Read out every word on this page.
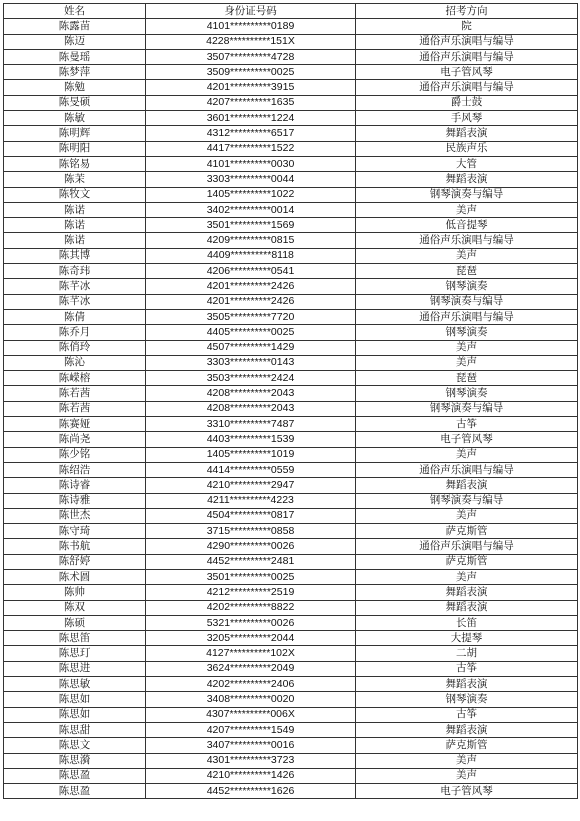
姓名	身份证号码	招考方向
陈露苗	4101**********0189	院
陈迈	4228**********151X	通俗声乐演唱与编导
陈曼瑶	3507**********4728	通俗声乐演唱与编导
陈梦萍	3509**********0025	电子管风琴
陈勉	4201**********3915	通俗声乐演唱与编导
陈旻硕	4207**********1635	爵士鼓
陈敏	3601**********1224	手风琴
陈明辉	4312**********6517	舞蹈表演
陈明阳	4417**********1522	民族声乐
陈铭易	4101**********0030	大管
陈茉	3303**********0044	舞蹈表演
陈牧文	1405**********1022	钢琴演奏与编导
陈诺	3402**********0014	美声
陈诺	3501**********1569	低音提琴
陈诺	4209**********0815	通俗声乐演唱与编导
陈其博	4409**********8118	美声
陈奇玮	4206**********0541	琵琶
陈芊冰	4201**********2426	钢琴演奏
陈芊冰	4201**********2426	钢琴演奏与编导
陈倩	3505**********7720	通俗声乐演唱与编导
陈乔月	4405**********0025	钢琴演奏
陈俏玲	4507**********1429	美声
陈沁	3303**********0143	美声
陈嵘榕	3503**********2424	琵琶
陈若茜	4208**********2043	钢琴演奏
陈若茜	4208**********2043	钢琴演奏与编导
陈赛娅	3310**********7487	古筝
陈尚尧	4403**********1539	电子管风琴
陈少铭	1405**********1019	美声
陈绍浩	4414**********0559	通俗声乐演唱与编导
陈诗睿	4210**********2947	舞蹈表演
陈诗雅	4211**********4223	钢琴演奏与编导
陈世杰	4504**********0817	美声
陈守琦	3715**********0858	萨克斯管
陈书航	4290**********0026	通俗声乐演唱与编导
陈舒婷	4452**********2481	萨克斯管
陈术圆	3501**********0025	美声
陈帅	4212**********2519	舞蹈表演
陈双	4202**********8822	舞蹈表演
陈硕	5321**********0026	长笛
陈思笛	3205**********2044	大提琴
陈思玎	4127**********102X	二胡
陈思进	3624**********2049	古筝
陈思敏	4202**********2406	舞蹈表演
陈思如	3408**********0020	钢琴演奏
陈思如	4307**********006X	古筝
陈思甜	4207**********1549	舞蹈表演
陈思文	3407**********0016	萨克斯管
陈思漪	4301**********3723	美声
陈思盈	4210**********1426	美声
陈思盈	4452**********1626	电子管风琴
